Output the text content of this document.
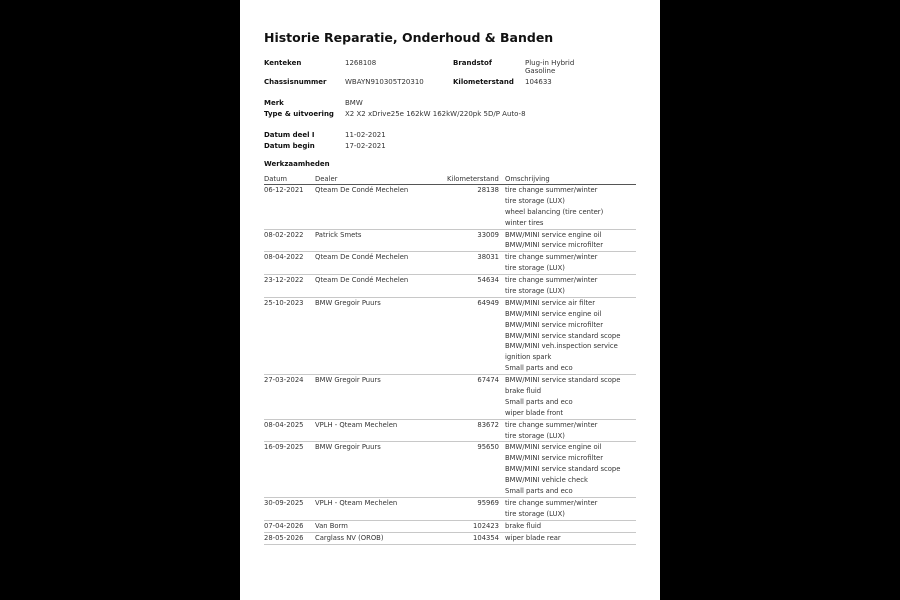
Historie Reparatie, Onderhoud & Banden
Kenteken	1268108	Brandstof	Plug-in Hybrid
Gasoline
Chassisnummer	WBAYN910305T20310	Kilometerstand 104633
Merk	BMW
Type & uitvoering X2 X2 xDrive25e 162kW 162kW/220pk 5D/P Auto-8
Datum deel I	11-02-2021
Datum begin	17-02-2021
Werkzaamheden
Datum	Dealer	Kilometerstand Omschrijving
06-12-2021 Qteam De Condé Mechelen	28138 tire change summer/winter
tire storage (LUX)
wheel balancing (tire center)
winter tires
08-02-2022 Patrick Smets	33009 BMW/MINI service engine oil
BMW/MINI service microfilter
08-04-2022 Qteam De Condé Mechelen	38031 tire change summer/winter
tire storage (LUX)
23-12-2022 Qteam De Condé Mechelen	54634 tire change summer/winter
tire storage (LUX)
25-10-2023 BMW Gregoir Puurs	64949 BMW/MINI service air filter
BMW/MINI service engine oil
BMW/MINI service microfilter
BMW/MINI service standard scope
BMW/MINI veh.inspection service
ignition spark
Small parts and eco
27-03-2024 BMW Gregoir Puurs	67474 BMW/MINI service standard scope
brake fluid
Small parts and eco
wiper blade front
08-04-2025 VPLH - Qteam Mechelen	83672 tire change summer/winter
tire storage (LUX)
16-09-2025 BMW Gregoir Puurs	95650 BMW/MINI service engine oil
BMW/MINI service microfilter
BMW/MINI service standard scope
BMW/MINI vehicle check
Small parts and eco
30-09-2025 VPLH - Qteam Mechelen	95969 tire change summer/winter
tire storage (LUX)
07-04-2026 Van Borm	102423 brake fluid
28-05-2026 Carglass NV (OROB)	104354 wiper blade rear
